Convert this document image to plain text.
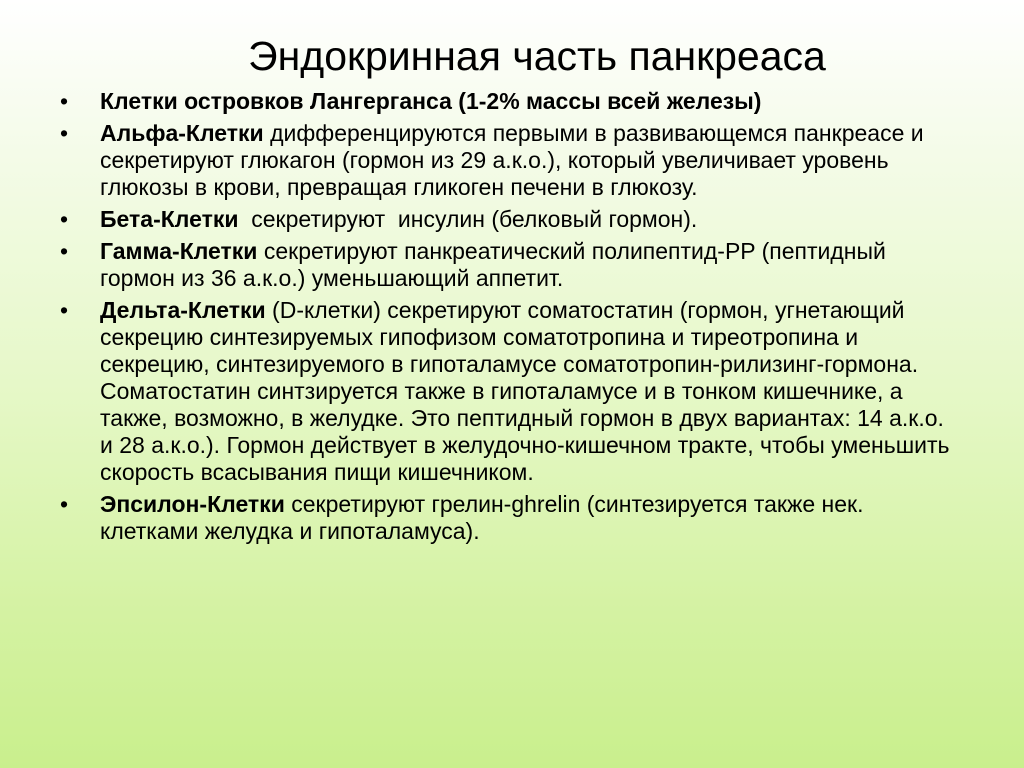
Эндокринная часть панкреаса
•	Клетки островков Лангерганса (1-2% массы всей железы)
•	Альфа-Клетки дифференцируются первыми в развивающемся панкреасе и секретируют глюкагон (гормон из 29 а.к.о.), который увеличивает уровень глюкозы в крови, превращая гликоген печени в глюкозу.
•	Бета-Клетки  секретируют  инсулин (белковый гормон).
•	Гамма-Клетки секретируют панкреатический полипептид-PP (пептидный гормон из 36 а.к.о.) уменьшающий аппетит.
•	Дельта-Клетки (D-клетки) секретируют соматостатин (гормон, угнетающий секрецию синтезируемых гипофизом соматотропина и тиреотропина и секрецию, синтезируемого в гипоталамусе соматотропин-рилизинг-гормона. Соматостатин синтзируется также в гипоталамусе и в тонком кишечнике, а также, возможно, в желудке. Это пептидный гормон в двух вариантах: 14 а.к.о. и 28 а.к.о.). Гормон действует в желудочно-кишечном тракте, чтобы уменьшить скорость всасывания пищи кишечником.
•	Эпсилон-Клетки секретируют грелин-ghrelin (синтезируется также нек. клетками желудка и гипоталамуса).
